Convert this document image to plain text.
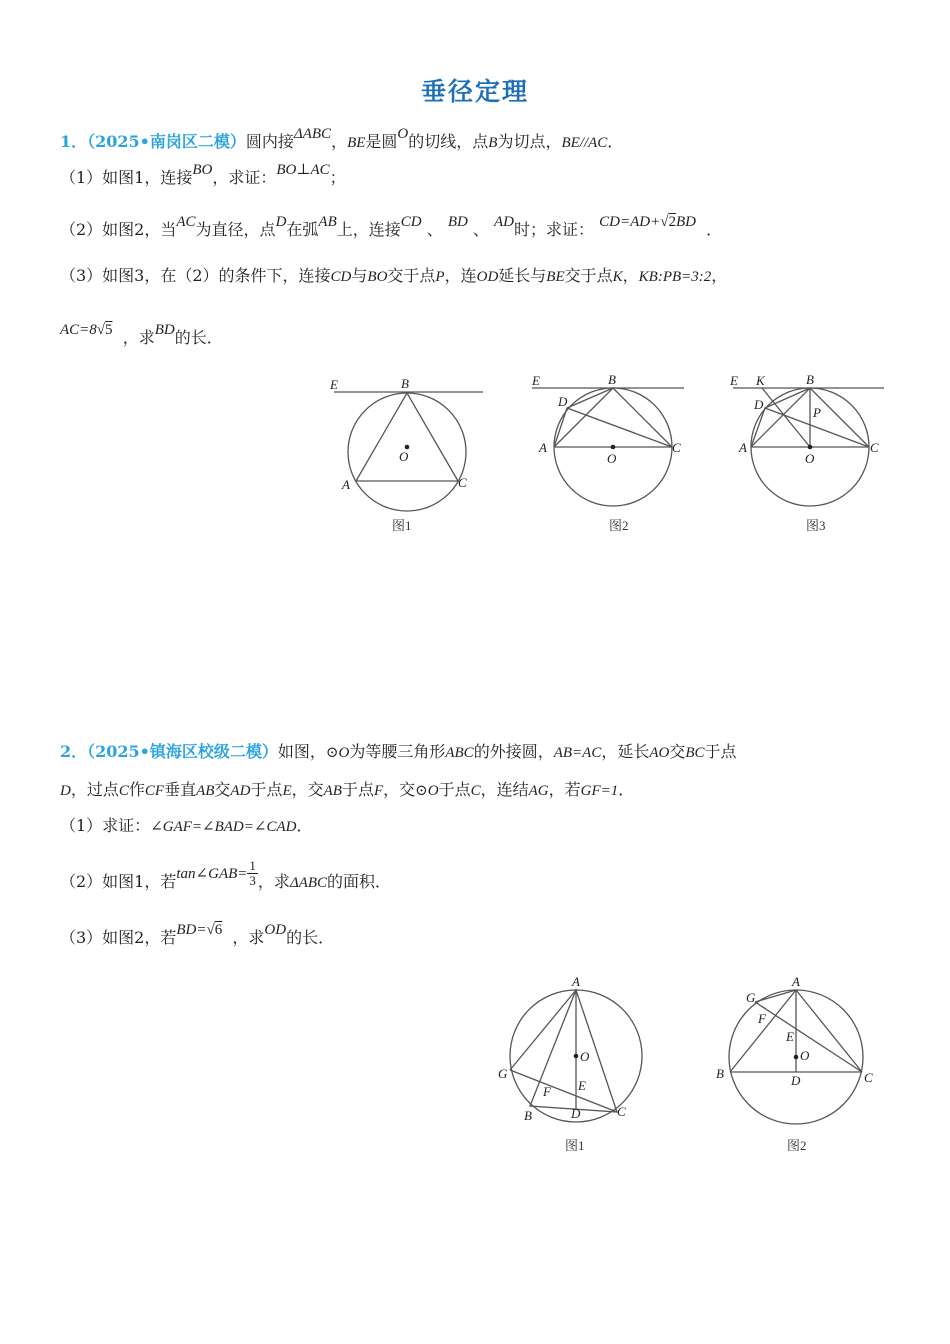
垂径定理
1．（2025•南岗区二模）圆内接ΔABC，BE是圆O的切线，点B为切点，BE//AC．
（1）如图1，连接BO，求证：BO⊥AC；
（2）如图2，当AC为直径，点D在弧AB上，连接CD 、 BD 、 AD时；求证： CD=AD+√2BD ．
（3）如图3，在（2）的条件下，连接CD与BO交于点P，连OD延长与BE交于点K，KB:PB=3:2，
AC=8√5 ，求BD的长．
E	B
O
A	C
E	B
D
A
O
C
E K	B
D
P
A
O
C
图1	图2	图3
2．（2025•镇海区校级二模）如图，⊙O为等腰三角形ABC的外接圆，AB=AC，延长AO交BC于点
D，过点C作CF垂直AB交AD于点E，交AB于点F，交⊙O于点C，连结AG，若GF=1．
（1）求证：∠GAF=∠BAD=∠CAD．
（2）如图1，若tan∠GAB= $\frac{1}{3}$ ，求ΔABC的面积．
（3）如图2，若BD=√6 ，求OD的长．
A
O
G
F E
B	D	C
A
G
F
E
O
B	D	C
图1	图2
